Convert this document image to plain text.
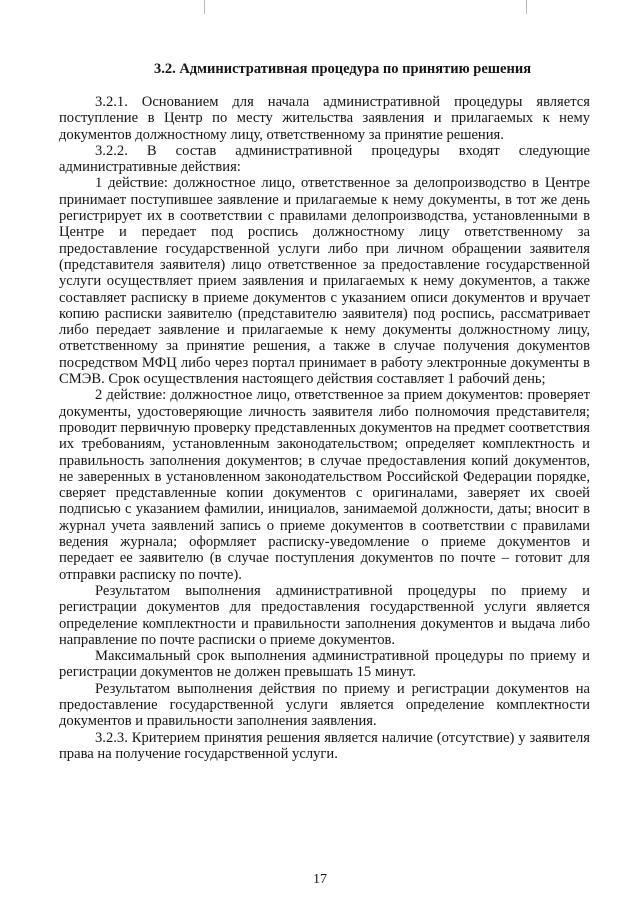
3.2. Административная процедура по принятию решения

3.2.1. Основанием для начала административной процедуры является поступление в Центр по месту жительства заявления и прилагаемых к нему документов должностному лицу, ответственному за принятие решения.

3.2.2. В состав административной процедуры входят следующие административные действия:

1 действие: должностное лицо, ответственное за делопроизводство в Центре принимает поступившее заявление и прилагаемые к нему документы, в тот же день регистрирует их в соответствии с правилами делопроизводства, установленными в Центре и передает под роспись должностному лицу ответственному за предоставление государственной услуги либо при личном обращении заявителя (представителя заявителя) лицо ответственное за предоставление государственной услуги осуществляет прием заявления и прилагаемых к нему документов, а также составляет расписку в приеме документов с указанием описи документов и вручает копию расписки заявителю (представителю заявителя) под роспись, рассматривает либо передает заявление и прилагаемые к нему документы должностному лицу, ответственному за принятие решения, а также в случае получения документов посредством МФЦ либо через портал принимает в работу электронные документы в СМЭВ. Срок осуществления настоящего действия составляет 1 рабочий день;

2 действие: должностное лицо, ответственное за прием документов: проверяет документы, удостоверяющие личность заявителя либо полномочия представителя; проводит первичную проверку представленных документов на предмет соответствия их требованиям, установленным законодательством; определяет комплектность и правильность заполнения документов; в случае предоставления копий документов, не заверенных в установленном законодательством Российской Федерации порядке, сверяет представленные копии документов с оригиналами, заверяет их своей подписью с указанием фамилии, инициалов, занимаемой должности, даты; вносит в журнал учета заявлений запись о приеме документов в соответствии с правилами ведения журнала; оформляет расписку-уведомление о приеме документов и передает ее заявителю (в случае поступления документов по почте – готовит для отправки расписку по почте).

Результатом выполнения административной процедуры по приему и регистрации документов для предоставления государственной услуги является определение комплектности и правильности заполнения документов и выдача либо направление по почте расписки о приеме документов.

Максимальный срок выполнения административной процедуры по приему и регистрации документов не должен превышать 15 минут.

Результатом выполнения действия по приему и регистрации документов на предоставление государственной услуги является определение комплектности документов и правильности заполнения заявления.

3.2.3. Критерием принятия решения является наличие (отсутствие) у заявителя права на получение государственной услуги.

17
